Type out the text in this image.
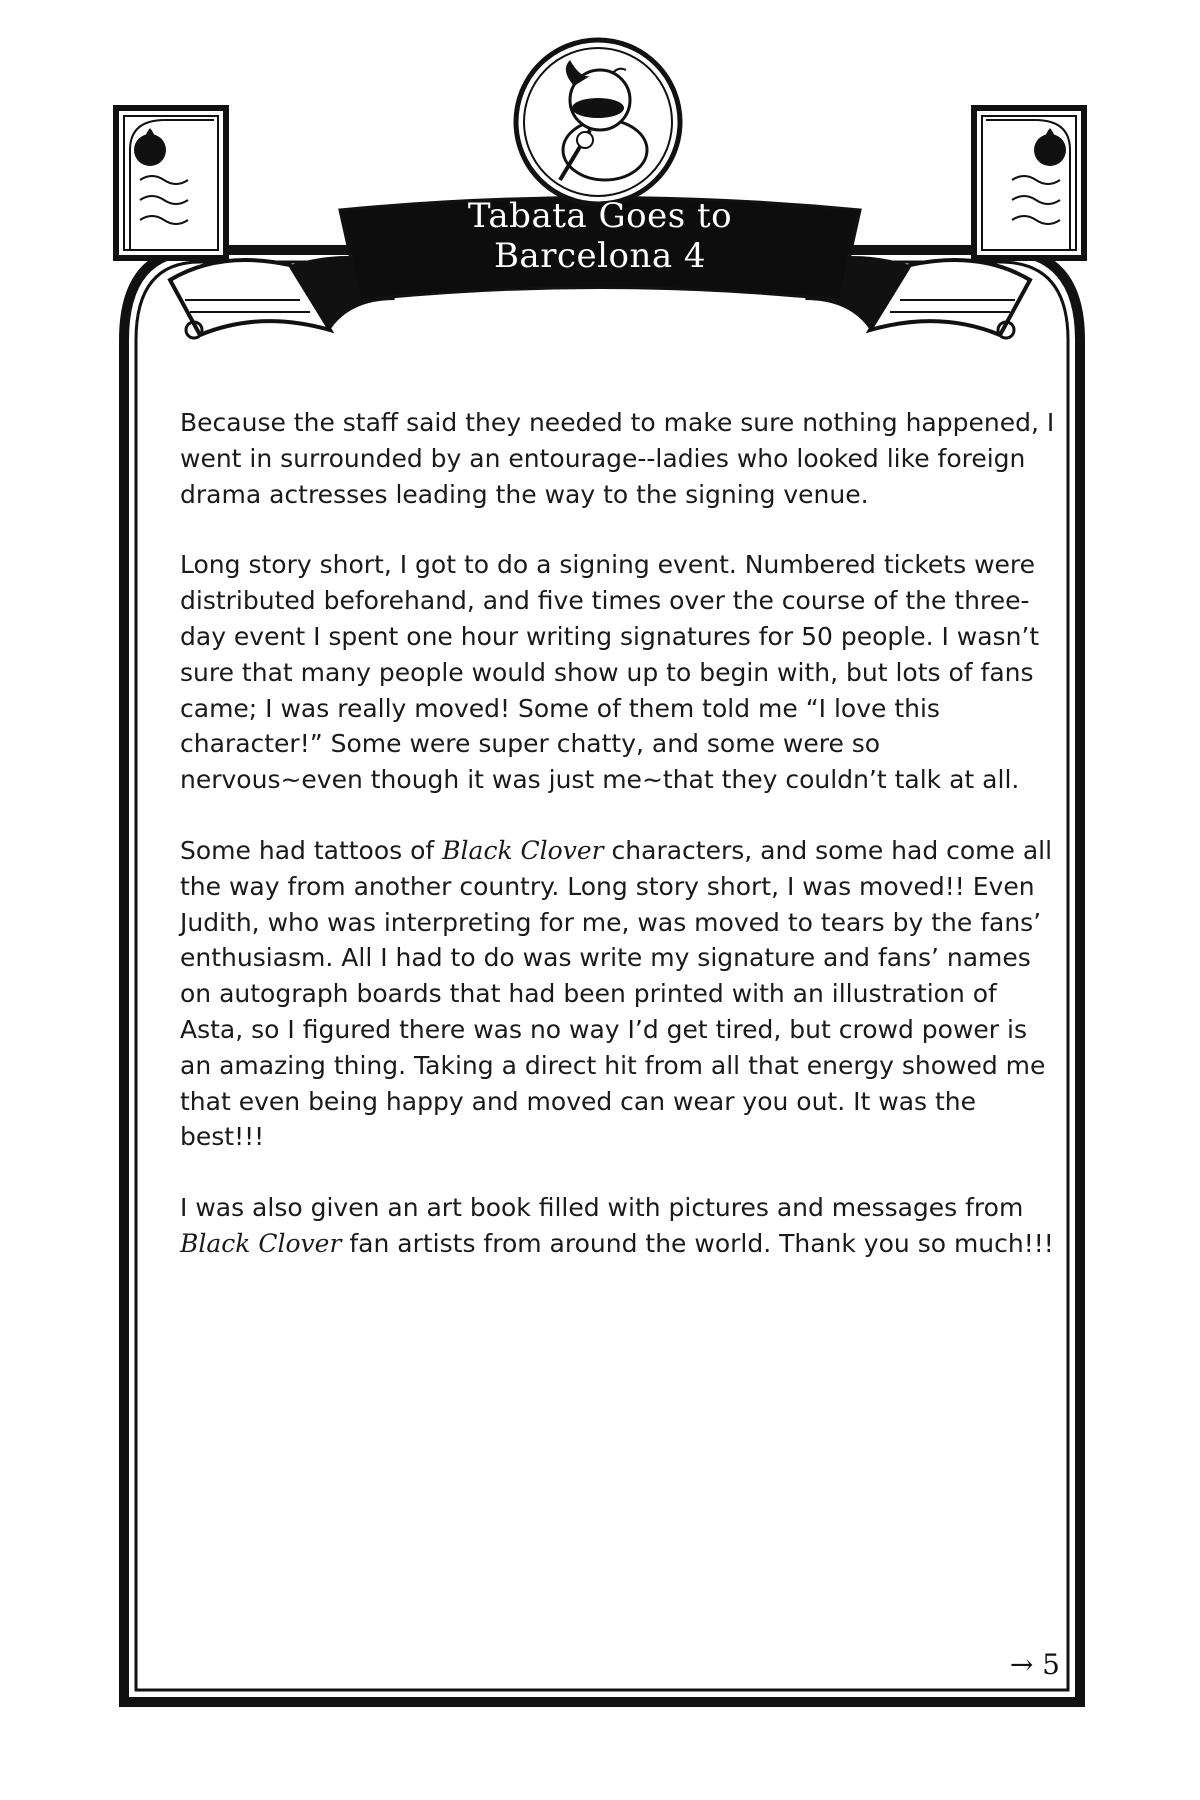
Tabata Goes to
Barcelona 4

Because the staff said they needed to make sure nothing happened, I went in surrounded by an entourage--ladies who looked like foreign drama actresses leading the way to the signing venue.

Long story short, I got to do a signing event. Numbered tickets were distributed beforehand, and five times over the course of the three-day event I spent one hour writing signatures for 50 people. I wasn’t sure that many people would show up to begin with, but lots of fans came; I was really moved! Some of them told me “I love this character!” Some were super chatty, and some were so nervous~even though it was just me~that they couldn’t talk at all.

Some had tattoos of Black Clover characters, and some had come all the way from another country. Long story short, I was moved!! Even Judith, who was interpreting for me, was moved to tears by the fans’ enthusiasm. All I had to do was write my signature and fans’ names on autograph boards that had been printed with an illustration of Asta, so I figured there was no way I’d get tired, but crowd power is an amazing thing. Taking a direct hit from all that energy showed me that even being happy and moved can wear you out. It was the best!!!

I was also given an art book filled with pictures and messages from Black Clover fan artists from around the world. Thank you so much!!!

→ 5
